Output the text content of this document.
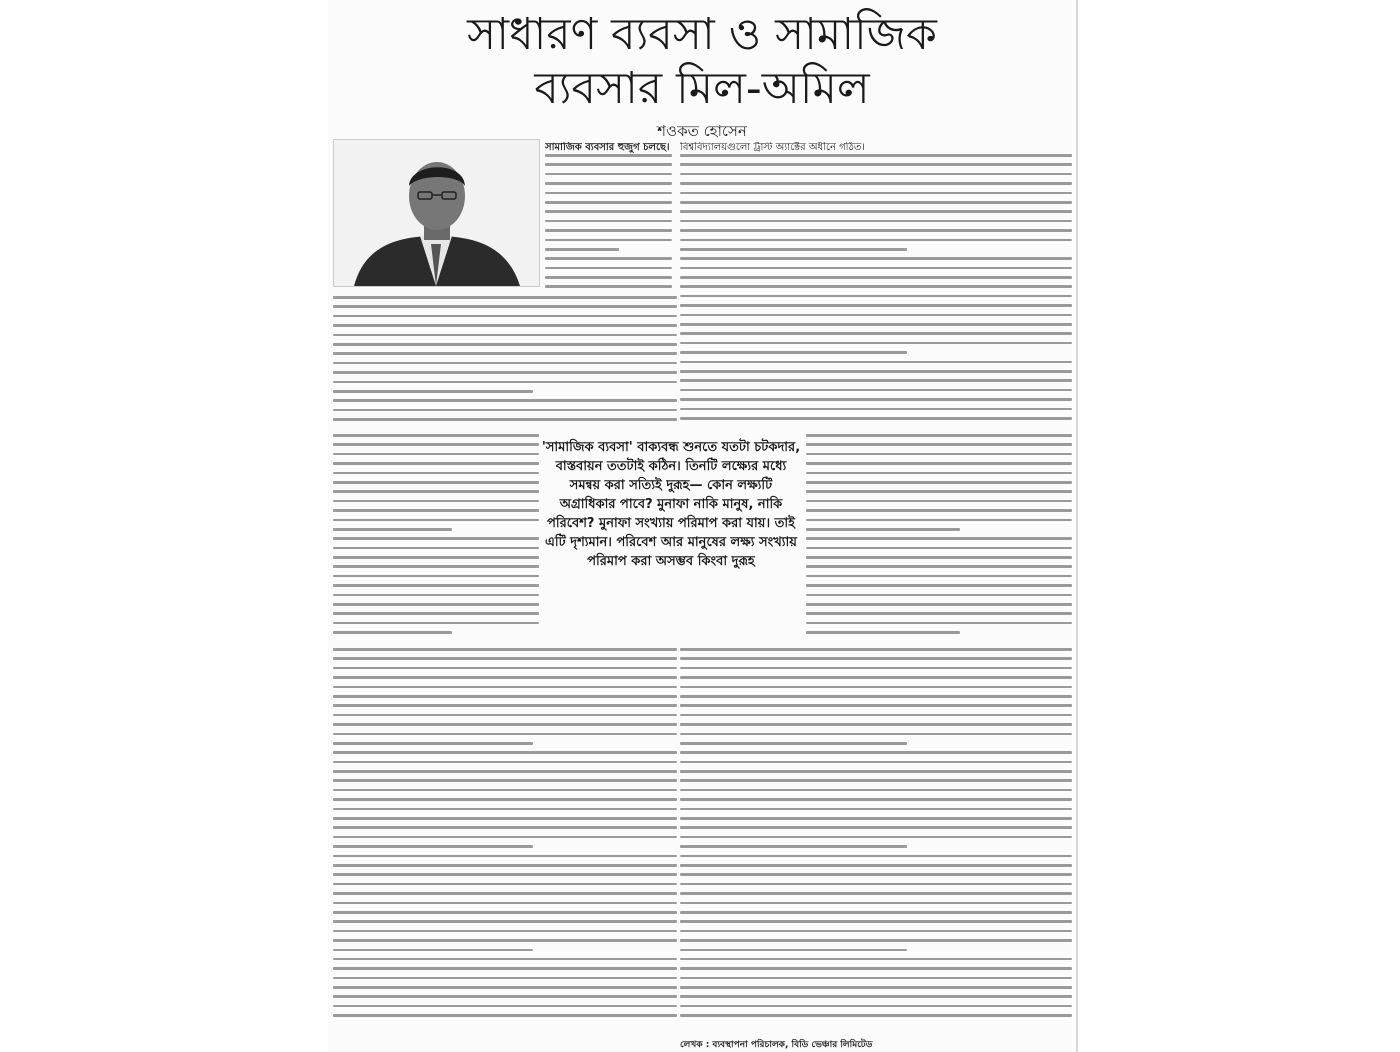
সাধারণ ব্যবসা ও সামাজিক
ব্যবসার মিল-অমিল
শওকত হোসেন
সামাজিক ব্যবসার হুজুগ চলছে। বিশ্ববিদ্যালয়গুলো ট্রাস্ট অ্যাক্টের অধীনে গঠিত।
'সামাজিক ব্যবসা' বাক্যবন্ধ শুনতে যতটা চটকদার, বাস্তবায়ন ততটাই কঠিন। তিনটি লক্ষ্যের মধ্যে সমন্বয় করা সত্যিই দুরূহ— কোন লক্ষ্যটি অগ্রাধিকার পাবে? মুনাফা নাকি মানুষ, নাকি পরিবেশ? মুনাফা সংখ্যায় পরিমাপ করা যায়। তাই এটি দৃশ্যমান। পরিবেশ আর মানুষের লক্ষ্য সংখ্যায় পরিমাপ করা অসম্ভব কিংবা দুরূহ
লেখক : ব্যবস্থাপনা পরিচালক, বিডি ভেঞ্চার লিমিটেড
